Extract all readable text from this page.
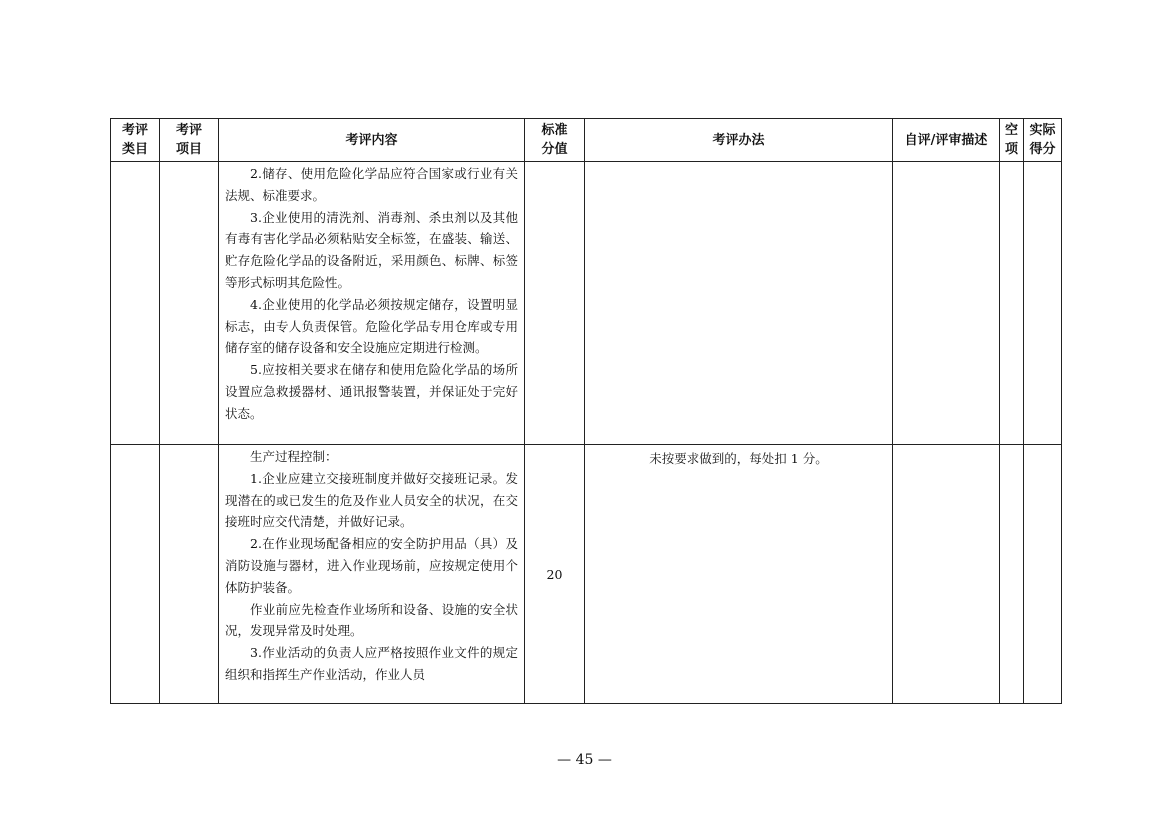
考评类目	考评项目	考评内容	标准分值	考评办法	自评/评审描述	空项	实际得分

		2.储存、使用危险化学品应符合国家或行业有关法规、标准要求。

3.企业使用的清洗剂、消毒剂、杀虫剂以及其他有毒有害化学品必须粘贴安全标签，在盛装、输送、贮存危险化学品的设备附近，采用颜色、标牌、标签等形式标明其危险性。

4.企业使用的化学品必须按规定储存，设置明显标志，由专人负责保管。危险化学品专用仓库或专用储存室的储存设备和安全设施应定期进行检测。

5.应按相关要求在储存和使用危险化学品的场所设置应急救援器材、通讯报警装置，并保证处于完好状态。					

		生产过程控制：

1.企业应建立交接班制度并做好交接班记录。发现潜在的或已发生的危及作业人员安全的状况，在交接班时应交代清楚，并做好记录。

2.在作业现场配备相应的安全防护用品（具）及消防设施与器材，进入作业现场前，应按规定使用个体防护装备。

作业前应先检查作业场所和设备、设施的安全状况，发现异常及时处理。

3.作业活动的负责人应严格按照作业文件的规定组织和指挥生产作业活动，作业人员	20	未按要求做到的，每处扣 1 分。			
— 45 —
